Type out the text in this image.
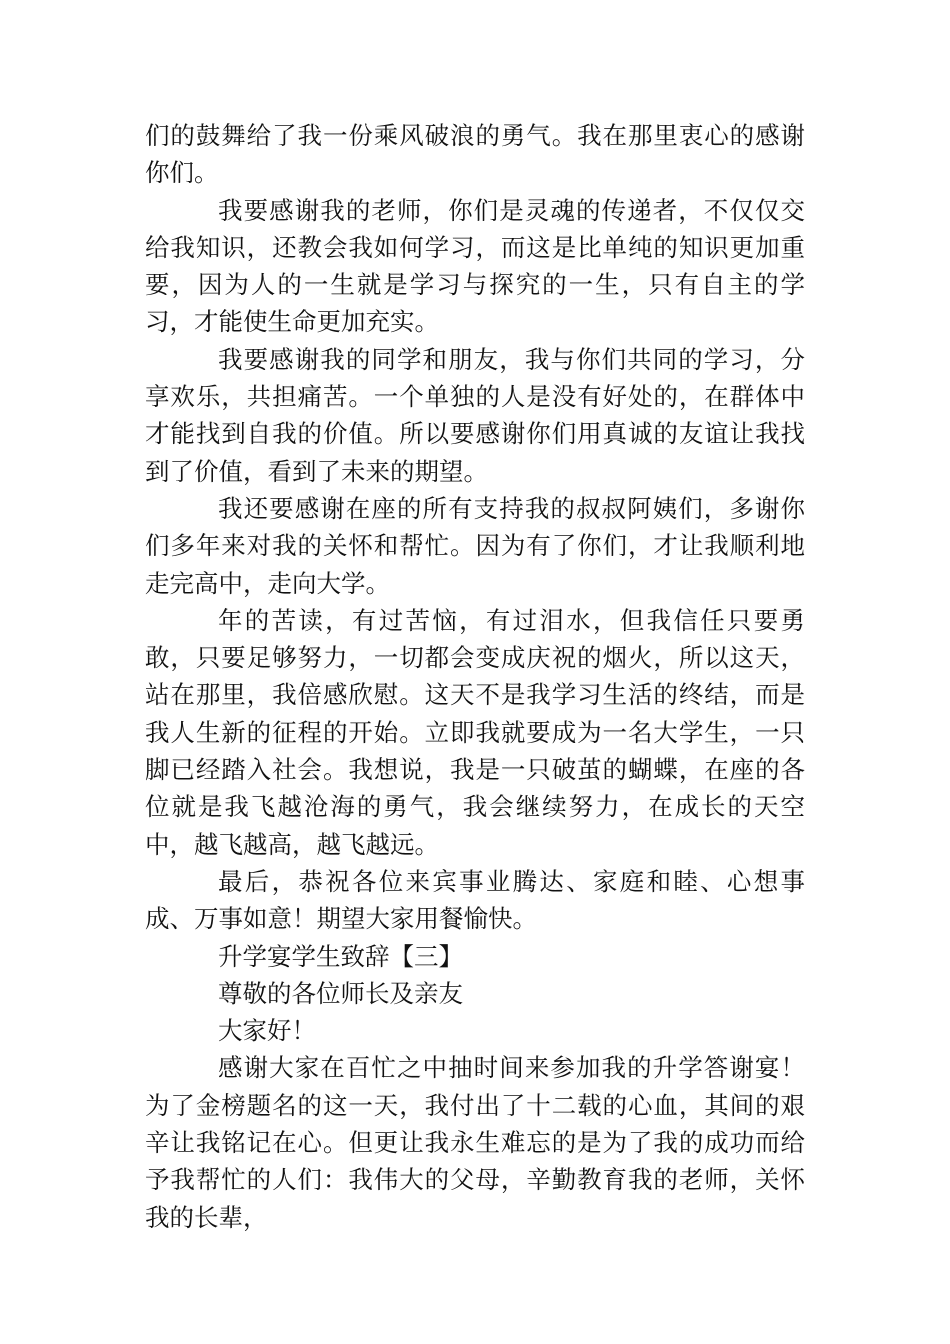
们的鼓舞给了我一份乘风破浪的勇气。我在那里衷心的感谢你们。

我要感谢我的老师，你们是灵魂的传递者，不仅仅交给我知识，还教会我如何学习，而这是比单纯的知识更加重要，因为人的一生就是学习与探究的一生，只有自主的学习，才能使生命更加充实。

我要感谢我的同学和朋友，我与你们共同的学习，分享欢乐，共担痛苦。一个单独的人是没有好处的，在群体中才能找到自我的价值。所以要感谢你们用真诚的友谊让我找到了价值，看到了未来的期望。

我还要感谢在座的所有支持我的叔叔阿姨们，多谢你们多年来对我的关怀和帮忙。因为有了你们，才让我顺利地走完高中，走向大学。

年的苦读，有过苦恼，有过泪水，但我信任只要勇敢，只要足够努力，一切都会变成庆祝的烟火，所以这天，站在那里，我倍感欣慰。这天不是我学习生活的终结，而是我人生新的征程的开始。立即我就要成为一名大学生，一只脚已经踏入社会。我想说，我是一只破茧的蝴蝶，在座的各位就是我飞越沧海的勇气，我会继续努力，在成长的天空中，越飞越高，越飞越远。

最后，恭祝各位来宾事业腾达、家庭和睦、心想事成、万事如意！期望大家用餐愉快。

升学宴学生致辞【三】

尊敬的各位师长及亲友

大家好！

感谢大家在百忙之中抽时间来参加我的升学答谢宴！为了金榜题名的这一天，我付出了十二载的心血，其间的艰辛让我铭记在心。但更让我永生难忘的是为了我的成功而给予我帮忙的人们：我伟大的父母，辛勤教育我的老师，关怀我的长辈，
